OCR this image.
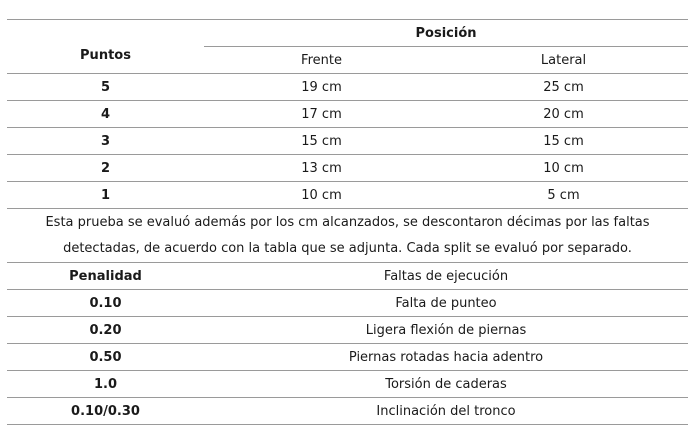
Puntos	Posición	
	Frente	Lateral
5	19 cm	25 cm
4	17 cm	20 cm
3	15 cm	15 cm
2	13 cm	10 cm
1	10 cm	5 cm

Esta prueba se evaluó además por los cm alcanzados, se descontaron décimas por las faltas
detectadas, de acuerdo con la tabla que se adjunta. Cada split se evaluó por separado.		

Penalidad	Faltas de ejecución	
0.10	Falta de punteo	
0.20	Ligera flexión de piernas	
0.50	Piernas rotadas hacia adentro	
1.0	Torsión de caderas	
0.10/0.30	Inclinación del tronco	
